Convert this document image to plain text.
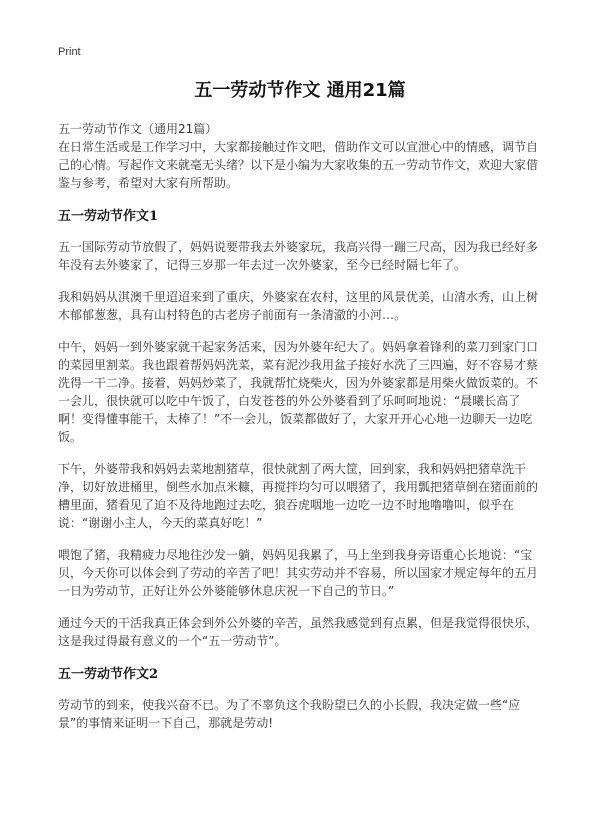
Print
五一劳动节作文 通用21篇
五一劳动节作文（通用21篇）

在日常生活或是工作学习中，大家都接触过作文吧，借助作文可以宣泄心中的情感，调节自己的心情。写起作文来就毫无头绪？以下是小编为大家收集的五一劳动节作文，欢迎大家借鉴与参考，希望对大家有所帮助。

五一劳动节作文1

五一国际劳动节放假了，妈妈说要带我去外婆家玩，我高兴得一蹦三尺高，因为我已经好多年没有去外婆家了，记得三岁那一年去过一次外婆家，至今已经时隔七年了。

我和妈妈从淇澳千里迢迢来到了重庆，外婆家在农村，这里的风景优美，山清水秀，山上树木郁郁葱葱，具有山村特色的古老房子前面有一条清澈的小河…。

中午，妈妈一到外婆家就干起家务活来，因为外婆年纪大了。妈妈拿着锋利的菜刀到家门口的菜园里割菜。我也跟着帮妈妈洗菜，菜有泥沙我用盆子接好水洗了三四遍，好不容易才蔡洗得一干二净。接着，妈妈炒菜了，我就帮忙烧柴火，因为外婆家都是用柴火做饭菜的。不一会儿，很快就可以吃中午饭了，白发苍苍的外公外婆看到了乐呵呵地说：“晨曦长高了啊！变得懂事能干，太棒了！”不一会儿，饭菜都做好了，大家开开心心地一边聊天一边吃饭。

下午，外婆带我和妈妈去菜地割猪草，很快就割了两大筐，回到家，我和妈妈把猪草洗干净，切好放进桶里，倒些水加点米糠，再搅拌均匀可以喂猪了，我用瓢把猪草倒在猪面前的槽里面，猪看见了迫不及待地跑过去吃，狼吞虎咽地一边吃一边不时地噜噜叫，似乎在说：“谢谢小主人，今天的菜真好吃！”

喂饱了猪，我精疲力尽地往沙发一躺，妈妈见我累了，马上坐到我身旁语重心长地说：“宝贝，今天你可以体会到了劳动的辛苦了吧！其实劳动并不容易，所以国家才规定每年的五月一日为劳动节，正好让外公外婆能够休息庆祝一下自己的节日。”

通过今天的干活我真正体会到外公外婆的辛苦，虽然我感觉到有点累，但是我觉得很快乐，这是我过得最有意义的一个“五一劳动节”。

五一劳动节作文2

劳动节的到来，使我兴奋不已。为了不辜负这个我盼望已久的小长假，我决定做一些“应景”的事情来证明一下自己，那就是劳动!
